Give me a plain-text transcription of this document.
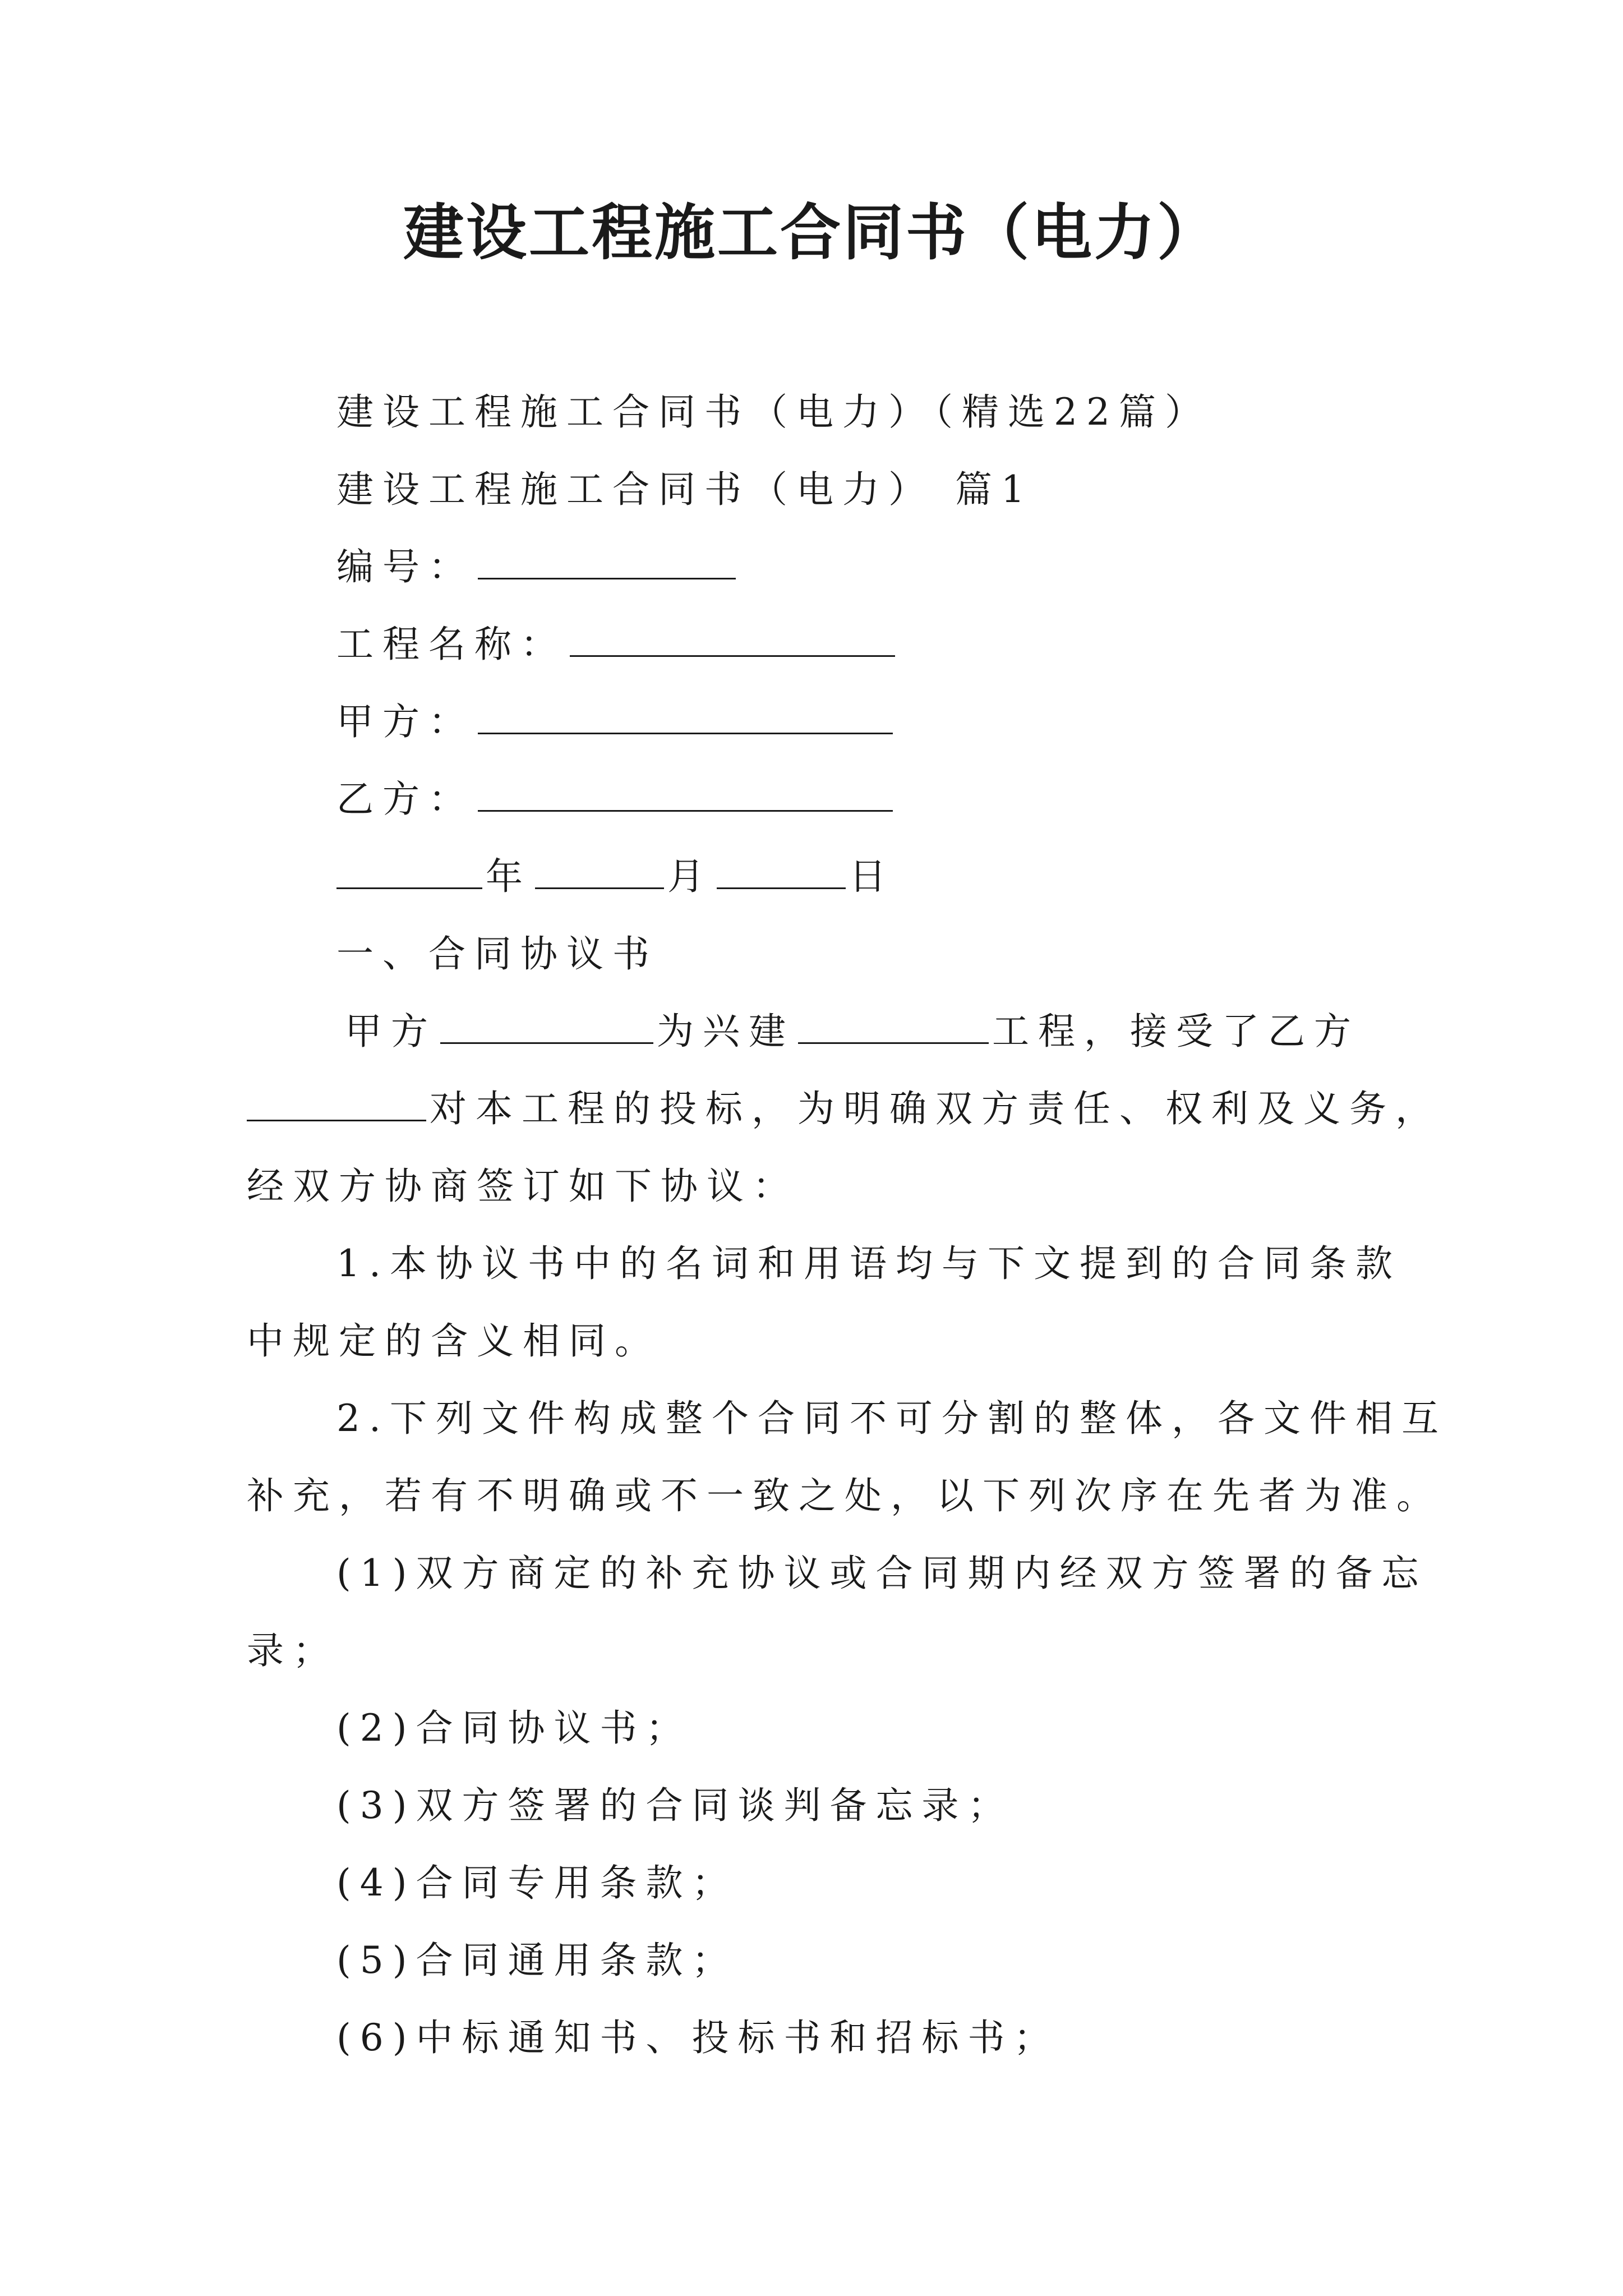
建设工程施工合同书（电力）
建设工程施工合同书（电力）（精选22篇）
建设工程施工合同书（电力） 篇1
编号：
工程名称：
甲方：
乙方：
年	月	日
一、合同协议书
甲方	为兴建	工程，接受了乙方
对本工程的投标，为明确双方责任、权利及义务，
经双方协商签订如下协议：
1.本协议书中的名词和用语均与下文提到的合同条款
中规定的含义相同。
2.下列文件构成整个合同不可分割的整体，各文件相互
补充，若有不明确或不一致之处，以下列次序在先者为准。
(1)双方商定的补充协议或合同期内经双方签署的备忘
录；
(2)合同协议书；
(3)双方签署的合同谈判备忘录；
(4)合同专用条款；
(5)合同通用条款；
(6)中标通知书、投标书和招标书；
